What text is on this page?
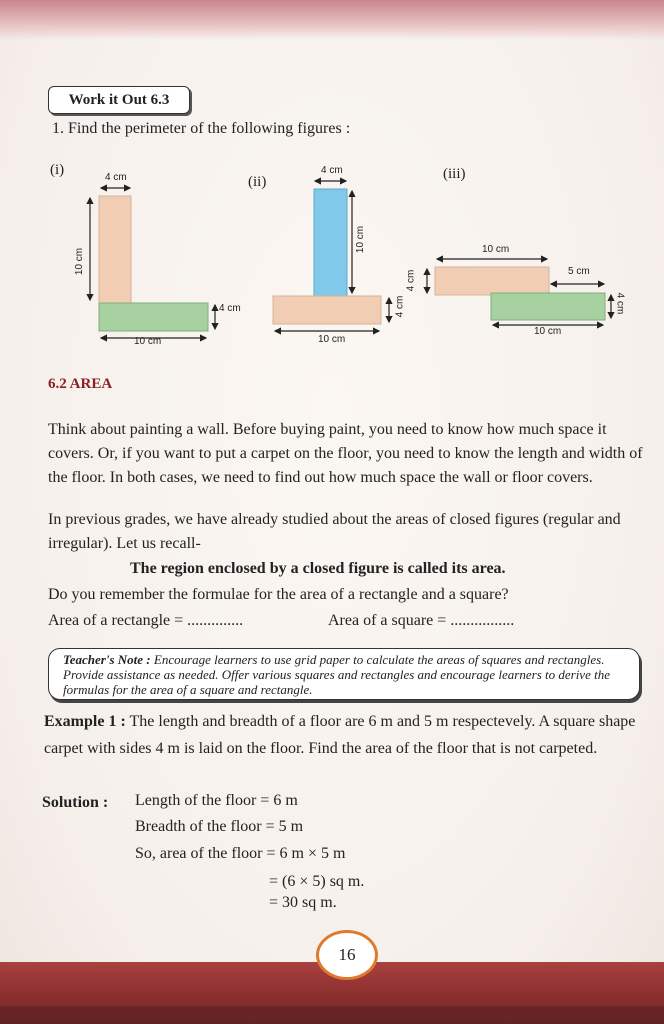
Work it Out 6.3
1. Find the perimeter of the following figures :
(i)
(ii)	(iii)
4 cm
10 cm
4 cm
10 cm
4 cm
10 cm
4 cm
10 cm
10 cm
4 cm	5 cm
4 cm
10 cm
6.2 AREA
Think about painting a wall. Before buying paint, you need to know how much space it covers. Or, if you want to put a carpet on the floor, you need to know the length and width of the floor. In both cases, we need to find out how much space the wall or floor covers.
In previous grades, we have already studied about the areas of closed figures (regular and irregular). Let us recall-
The region enclosed by a closed figure is called its area.
Do you remember the formulae for the area of a rectangle and a square?
Area of a rectangle = ..............	Area of a square = ................
Teacher's Note : Encourage learners to use grid paper to calculate the areas of squares and rectangles. Provide assistance as needed. Offer various squares and rectangles and encourage learners to derive the formulas for the area of a square and rectangle.
Example 1 : The length and breadth of a floor are 6 m and 5 m respectevely. A square shape carpet with sides 4 m is laid on the floor. Find the area of the floor that is not carpeted.
Solution : Length of the floor = 6 m
Breadth of the floor = 5 m
So, area of the floor = 6 m × 5 m
= (6 × 5) sq m.
= 30 sq m.
16
